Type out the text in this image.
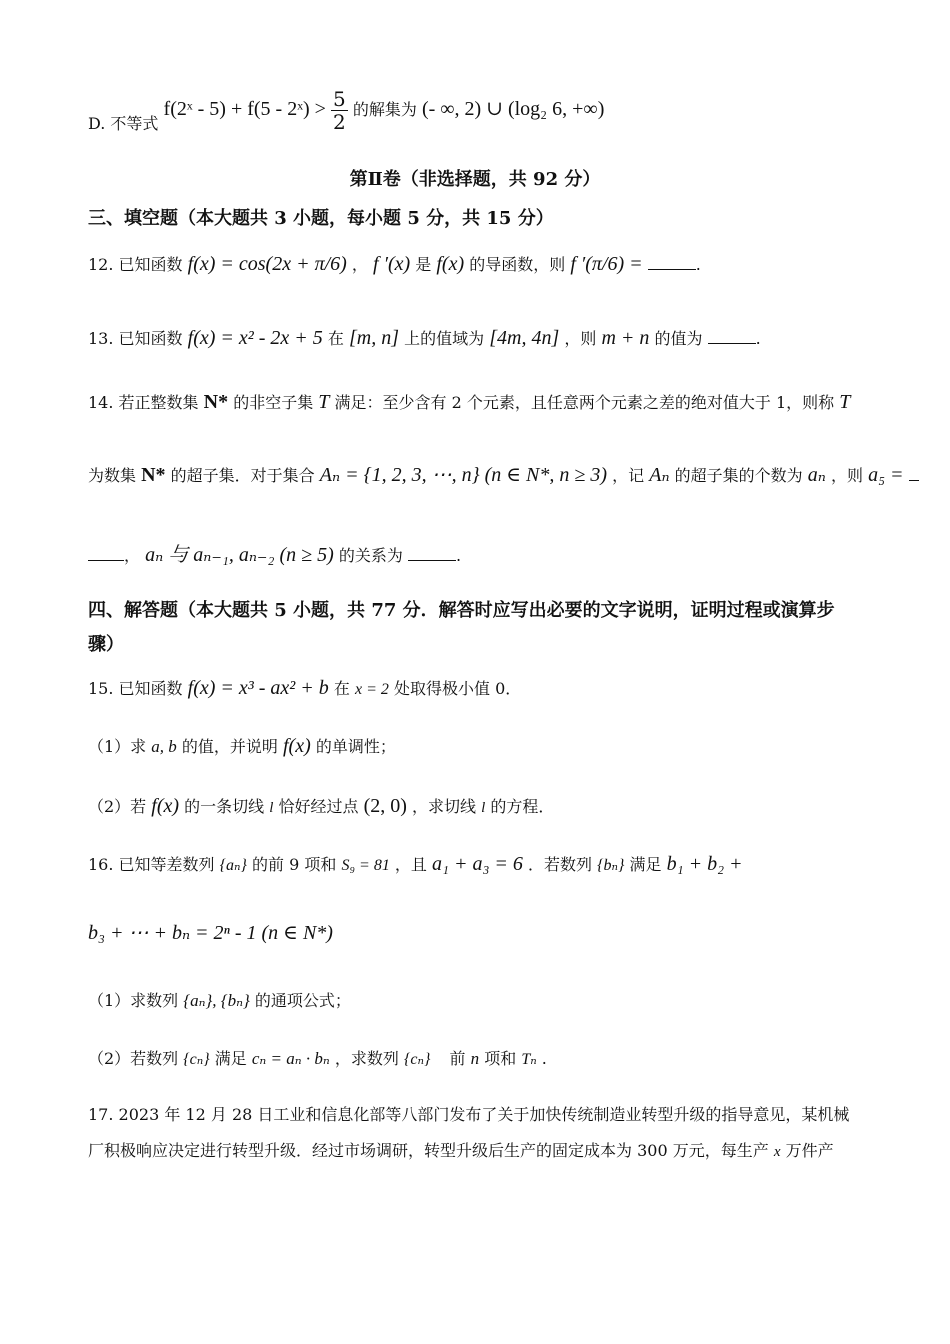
D. 不等式 f(2ˣ - 5) + f(5 - 2ˣ) > $\frac{5}{2}$ 的解集为 (- ∞, 2) ∪ (log₂ 6, +∞)
第Ⅱ卷（非选择题，共 92 分）
三、填空题（本大题共 3 小题，每小题 5 分，共 15 分）
12. 已知函数 f(x) = cos(2x + π/6) ， f ′(x) 是 f(x) 的导函数，则 f ′(π/6) =	.
13. 已知函数 f(x) = x² - 2x + 5 在 [m, n] 上的值域为 [4m, 4n] ，则 m + n 的值为	.
14. 若正整数集 N* 的非空子集 T 满足：至少含有 2 个元素，且任意两个元素之差的绝对值大于 1，则称 T
为数集 N* 的超子集．对于集合 Aₙ = {1, 2, 3, ⋯, n} (n ∈ N*, n ≥ 3) ，记 Aₙ 的超子集的个数为 aₙ ，则 a₅ =
， aₙ 与 aₙ₋₁, aₙ₋₂ (n ≥ 5) 的关系为	.
四、解答题（本大题共 5 小题，共 77 分．解答时应写出必要的文字说明，证明过程或演算步
骤）
15. 已知函数 f(x) = x³ - ax² + b 在 x = 2 处取得极小值 0．
（1）求 a, b 的值，并说明 f(x) 的单调性；
（2）若 f(x) 的一条切线 l 恰好经过点 (2, 0) ，求切线 l 的方程．
16. 已知等差数列 {aₙ} 的前 9 项和 S₉ = 81 ，且 a₁ + a₃ = 6 ．若数列 {bₙ} 满足 b₁ + b₂ +
b₃ + ⋯ + bₙ = 2ⁿ - 1 (n ∈ N*)
（1）求数列 {aₙ}, {bₙ} 的通项公式；
（2）若数列 {cₙ} 满足 cₙ = aₙ · bₙ ，求数列 {cₙ} 前 n 项和 Tₙ .
17. 2023 年 12 月 28 日工业和信息化部等八部门发布了关于加快传统制造业转型升级的指导意见，某机械
厂积极响应决定进行转型升级．经过市场调研，转型升级后生产的固定成本为 300 万元，每生产 x 万件产
